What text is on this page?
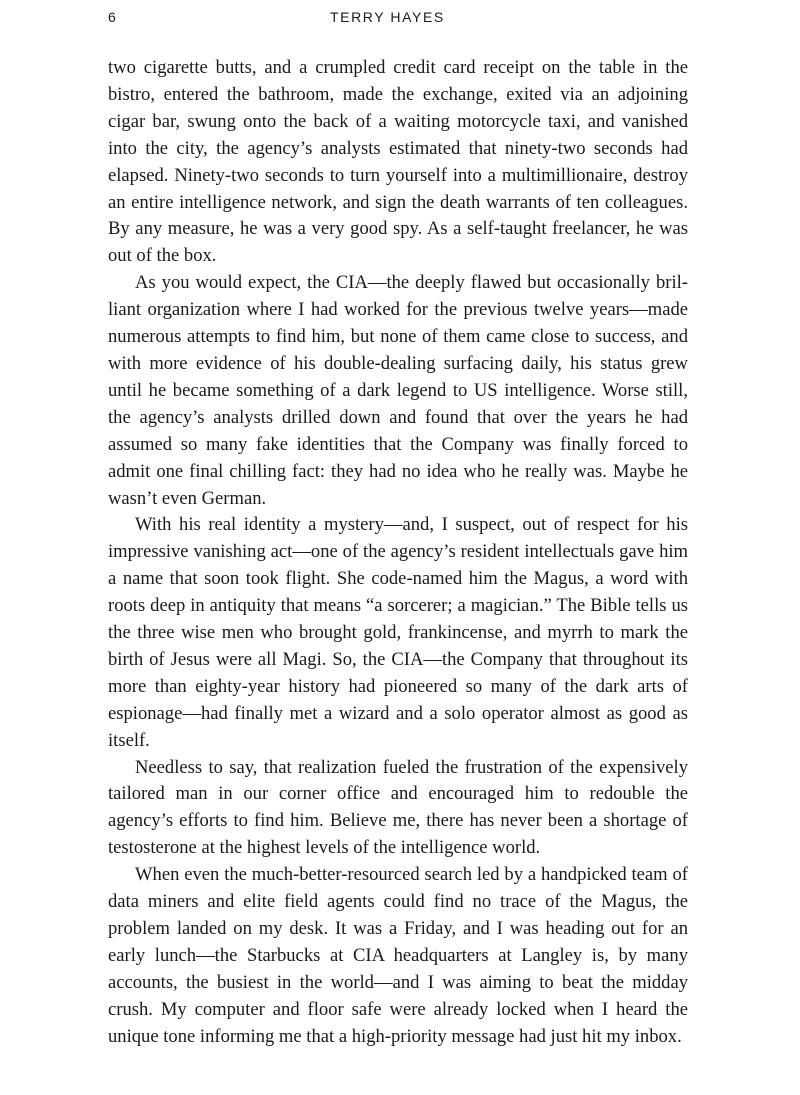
6	TERRY HAYES

two cigarette butts, and a crumpled credit card receipt on the table in the bistro, entered the bathroom, made the exchange, exited via an adjoining cigar bar, swung onto the back of a waiting motorcycle taxi, and vanished into the city, the agency’s analysts estimated that ninety-two seconds had elapsed. Ninety-two seconds to turn yourself into a multimillionaire, destroy an entire intelligence network, and sign the death warrants of ten colleagues. By any measure, he was a very good spy. As a self-taught freelancer, he was out of the box.

As you would expect, the CIA—the deeply flawed but occasionally brilliant organization where I had worked for the previous twelve years—made numerous attempts to find him, but none of them came close to success, and with more evidence of his double-dealing surfacing daily, his status grew until he became something of a dark legend to US intelligence. Worse still, the agency’s analysts drilled down and found that over the years he had assumed so many fake identities that the Company was finally forced to admit one final chilling fact: they had no idea who he really was. Maybe he wasn’t even German.

With his real identity a mystery—and, I suspect, out of respect for his impressive vanishing act—one of the agency’s resident intellectuals gave him a name that soon took flight. She code-named him the Magus, a word with roots deep in antiquity that means “a sorcerer; a magician.” The Bible tells us the three wise men who brought gold, frankincense, and myrrh to mark the birth of Jesus were all Magi. So, the CIA—the Company that throughout its more than eighty-year history had pioneered so many of the dark arts of espionage—had finally met a wizard and a solo operator almost as good as itself.

Needless to say, that realization fueled the frustration of the expensively tailored man in our corner office and encouraged him to redouble the agency’s efforts to find him. Believe me, there has never been a shortage of testosterone at the highest levels of the intelligence world.

When even the much-better-resourced search led by a handpicked team of data miners and elite field agents could find no trace of the Magus, the problem landed on my desk. It was a Friday, and I was heading out for an early lunch—the Starbucks at CIA headquarters at Langley is, by many accounts, the busiest in the world—and I was aiming to beat the midday crush. My computer and floor safe were already locked when I heard the unique tone informing me that a high-priority message had just hit my inbox.
